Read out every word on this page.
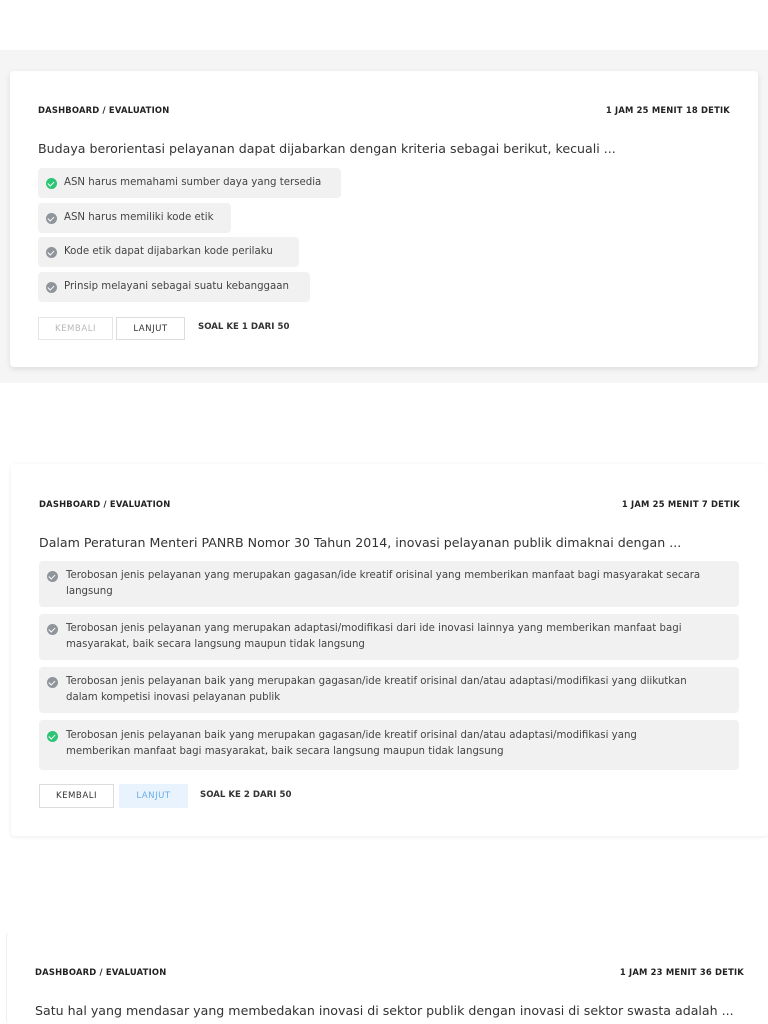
DASHBOARD / EVALUATION	1 JAM 25 MENIT 18 DETIK
Budaya berorientasi pelayanan dapat dijabarkan dengan kriteria sebagai berikut, kecuali ...
ASN harus memahami sumber daya yang tersedia
ASN harus memiliki kode etik
Kode etik dapat dijabarkan kode perilaku
Prinsip melayani sebagai suatu kebanggaan
KEMBALI	LANJUT	SOAL KE 1 DARI 50
DASHBOARD / EVALUATION	1 JAM 25 MENIT 7 DETIK
Dalam Peraturan Menteri PANRB Nomor 30 Tahun 2014, inovasi pelayanan publik dimaknai dengan ...
Terobosan jenis pelayanan yang merupakan gagasan/ide kreatif orisinal yang memberikan manfaat bagi masyarakat secara langsung
Terobosan jenis pelayanan yang merupakan adaptasi/modifikasi dari ide inovasi lainnya yang memberikan manfaat bagi masyarakat, baik secara langsung maupun tidak langsung
Terobosan jenis pelayanan baik yang merupakan gagasan/ide kreatif orisinal dan/atau adaptasi/modifikasi yang diikutkan dalam kompetisi inovasi pelayanan publik
Terobosan jenis pelayanan baik yang merupakan gagasan/ide kreatif orisinal dan/atau adaptasi/modifikasi yang memberikan manfaat bagi masyarakat, baik secara langsung maupun tidak langsung
KEMBALI	LANJUT	SOAL KE 2 DARI 50
DASHBOARD / EVALUATION	1 JAM 23 MENIT 36 DETIK
Satu hal yang mendasar yang membedakan inovasi di sektor publik dengan inovasi di sektor swasta adalah ...
